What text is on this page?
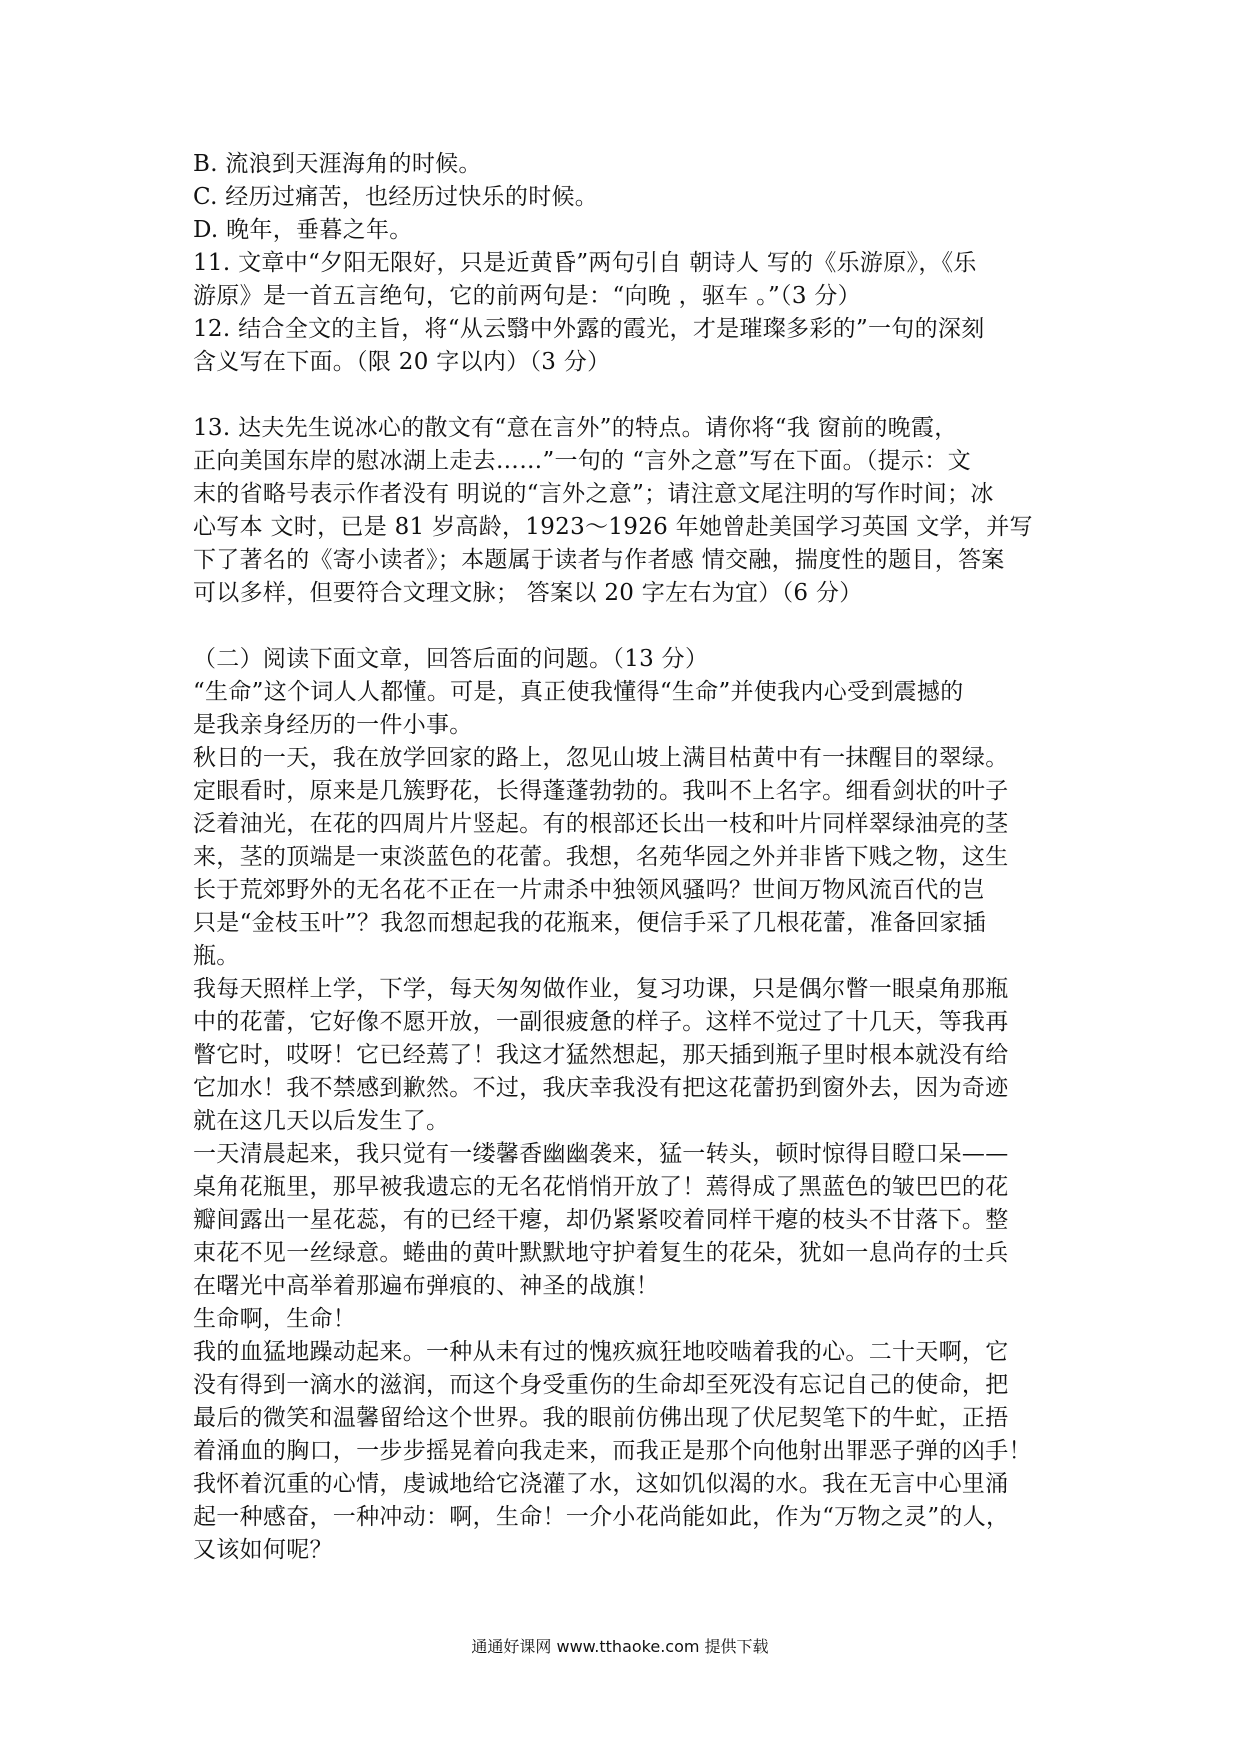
B. 流浪到天涯海角的时候。
C. 经历过痛苦，也经历过快乐的时候。
D. 晚年，垂暮之年。
11. 文章中“夕阳无限好，只是近黄昏”两句引自 朝诗人 写的《乐游原》，《乐
游原》是一首五言绝句，它的前两句是：“向晚 ，驱车 。”（3 分）
12. 结合全文的主旨，将“从云翳中外露的霞光，才是璀璨多彩的”一句的深刻
含义写在下面。（限 20 字以内）（3 分）
13. 达夫先生说冰心的散文有“意在言外”的特点。请你将“我 窗前的晚霞，
正向美国东岸的慰冰湖上走去……”一句的 “言外之意”写在下面。（提示：文
末的省略号表示作者没有 明说的“言外之意”；请注意文尾注明的写作时间；冰
心写本 文时，已是 81 岁高龄，1923～1926 年她曾赴美国学习英国 文学，并写
下了著名的《寄小读者》；本题属于读者与作者感 情交融，揣度性的题目，答案
可以多样，但要符合文理文脉； 答案以 20 字左右为宜）（6 分）
（二）阅读下面文章，回答后面的问题。（13 分）
“生命”这个词人人都懂。可是，真正使我懂得“生命”并使我内心受到震撼的
是我亲身经历的一件小事。
秋日的一天，我在放学回家的路上，忽见山坡上满目枯黄中有一抹醒目的翠绿。
定眼看时，原来是几簇野花，长得蓬蓬勃勃的。我叫不上名字。细看剑状的叶子
泛着油光，在花的四周片片竖起。有的根部还长出一枝和叶片同样翠绿油亮的茎
来，茎的顶端是一束淡蓝色的花蕾。我想，名苑华园之外并非皆下贱之物，这生
长于荒郊野外的无名花不正在一片肃杀中独领风骚吗？世间万物风流百代的岂
只是“金枝玉叶”？我忽而想起我的花瓶来，便信手采了几根花蕾，准备回家插
瓶。
我每天照样上学，下学，每天匆匆做作业，复习功课，只是偶尔瞥一眼桌角那瓶
中的花蕾，它好像不愿开放，一副很疲惫的样子。这样不觉过了十几天，等我再
瞥它时，哎呀！它已经蔫了！我这才猛然想起，那天插到瓶子里时根本就没有给
它加水！我不禁感到歉然。不过，我庆幸我没有把这花蕾扔到窗外去，因为奇迹
就在这几天以后发生了。
一天清晨起来，我只觉有一缕馨香幽幽袭来，猛一转头，顿时惊得目瞪口呆——
桌角花瓶里，那早被我遗忘的无名花悄悄开放了！蔫得成了黑蓝色的皱巴巴的花
瓣间露出一星花蕊，有的已经干瘪，却仍紧紧咬着同样干瘪的枝头不甘落下。整
束花不见一丝绿意。蜷曲的黄叶默默地守护着复生的花朵，犹如一息尚存的士兵
在曙光中高举着那遍布弹痕的、神圣的战旗！
生命啊，生命！
我的血猛地躁动起来。一种从未有过的愧疚疯狂地咬啮着我的心。二十天啊，它
没有得到一滴水的滋润，而这个身受重伤的生命却至死没有忘记自己的使命，把
最后的微笑和温馨留给这个世界。我的眼前仿佛出现了伏尼契笔下的牛虻，正捂
着涌血的胸口，一步步摇晃着向我走来，而我正是那个向他射出罪恶子弹的凶手！
我怀着沉重的心情，虔诚地给它浇灌了水，这如饥似渴的水。我在无言中心里涌
起一种感奋，一种冲动：啊，生命！一介小花尚能如此，作为“万物之灵”的人，
又该如何呢？
通通好课网 www.tthaoke.com 提供下载
